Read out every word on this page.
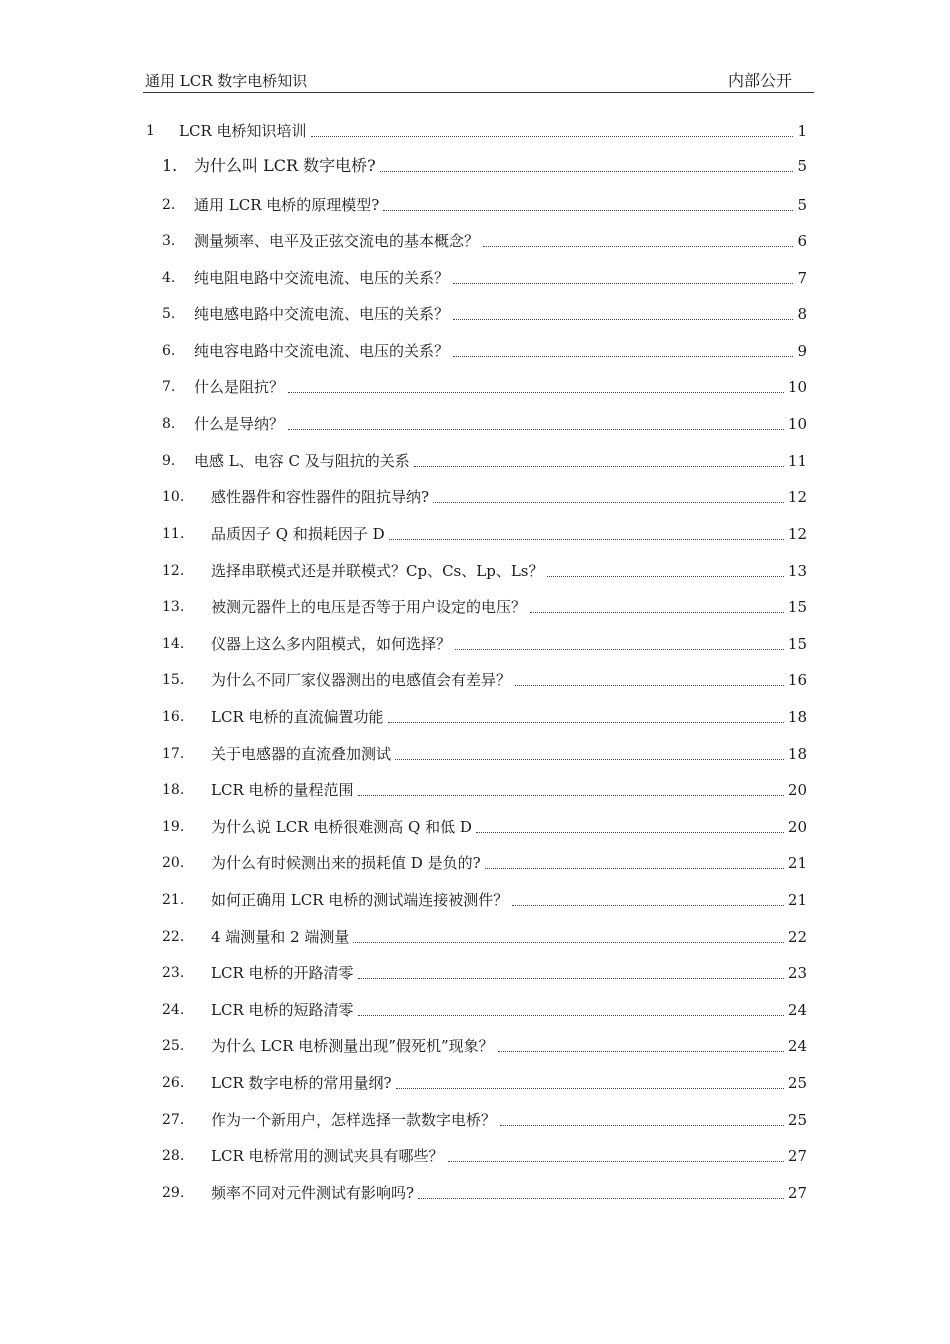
通用 LCR 数字电桥知识	内部公开
1 LCR 电桥知识培训	1
1. 为什么叫 LCR 数字电桥?	5
2. 通用 LCR 电桥的原理模型?	5
3. 测量频率、电平及正弦交流电的基本概念？	6
4. 纯电阻电路中交流电流、电压的关系？	7
5. 纯电感电路中交流电流、电压的关系？	8
6. 纯电容电路中交流电流、电压的关系？	9
7. 什么是阻抗？	10
8. 什么是导纳？	10
9. 电感 L、电容 C 及与阻抗的关系	11
10. 感性器件和容性器件的阻抗导纳?	12
11. 品质因子 Q 和损耗因子 D	12
12. 选择串联模式还是并联模式？Cp、Cs、Lp、Ls？	13
13. 被测元器件上的电压是否等于用户设定的电压？	15
14. 仪器上这么多内阻模式，如何选择？	15
15. 为什么不同厂家仪器测出的电感值会有差异？	16
16. LCR 电桥的直流偏置功能	18
17. 关于电感器的直流叠加测试	18
18. LCR 电桥的量程范围	20
19. 为什么说 LCR 电桥很难测高 Q 和低 D	20
20. 为什么有时候测出来的损耗值 D 是负的?	21
21. 如何正确用 LCR 电桥的测试端连接被测件？	21
22. 4 端测量和 2 端测量	22
23. LCR 电桥的开路清零	23
24. LCR 电桥的短路清零	24
25. 为什么 LCR 电桥测量出现”假死机”现象？	24
26. LCR 数字电桥的常用量纲?	25
27. 作为一个新用户，怎样选择一款数字电桥？	25
28. LCR 电桥常用的测试夹具有哪些？	27
29. 频率不同对元件测试有影响吗?	27
